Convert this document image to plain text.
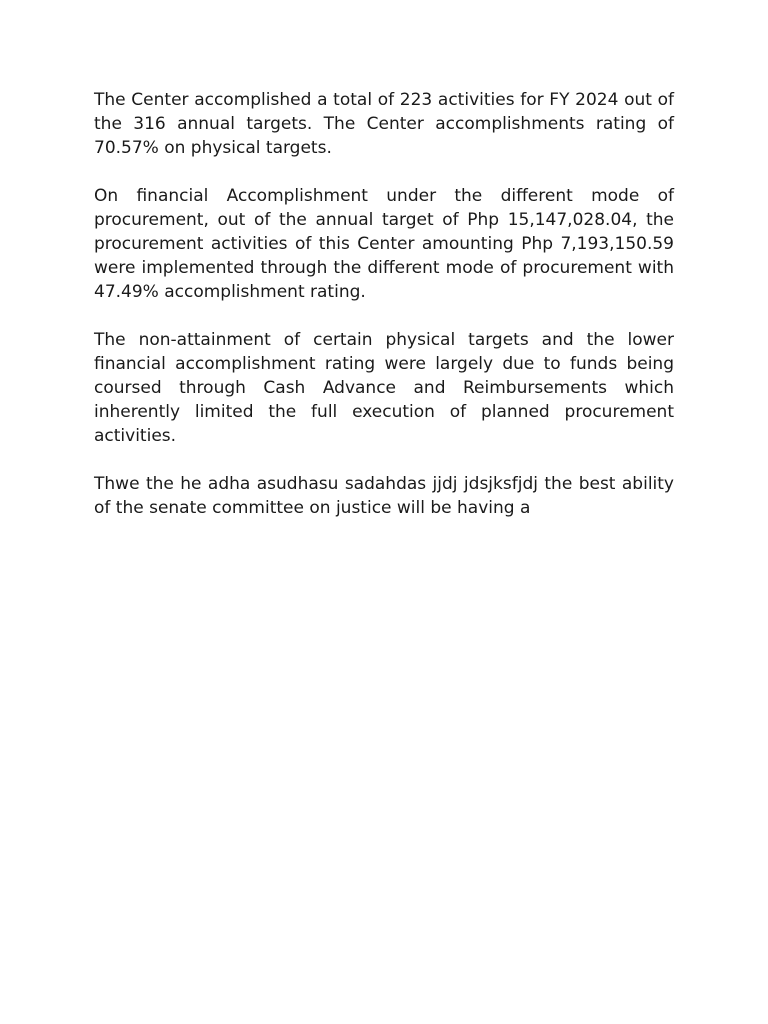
The Center accomplished a total of 223 activities for FY 2024 out of the 316 annual targets. The Center accomplishments rating of 70.57% on physical targets.

On financial Accomplishment under the different mode of procurement, out of the annual target of Php 15,147,028.04, the procurement activities of this Center amounting Php 7,193,150.59 were implemented through the different mode of procurement with 47.49% accomplishment rating.

The non-attainment of certain physical targets and the lower financial accomplishment rating were largely due to funds being coursed through Cash Advance and Reimbursements which inherently limited the full execution of planned procurement activities.

Thwe the he adha asudhasu sadahdas jjdj jdsjksfjdj the best ability of the senate committee on justice will be having a
